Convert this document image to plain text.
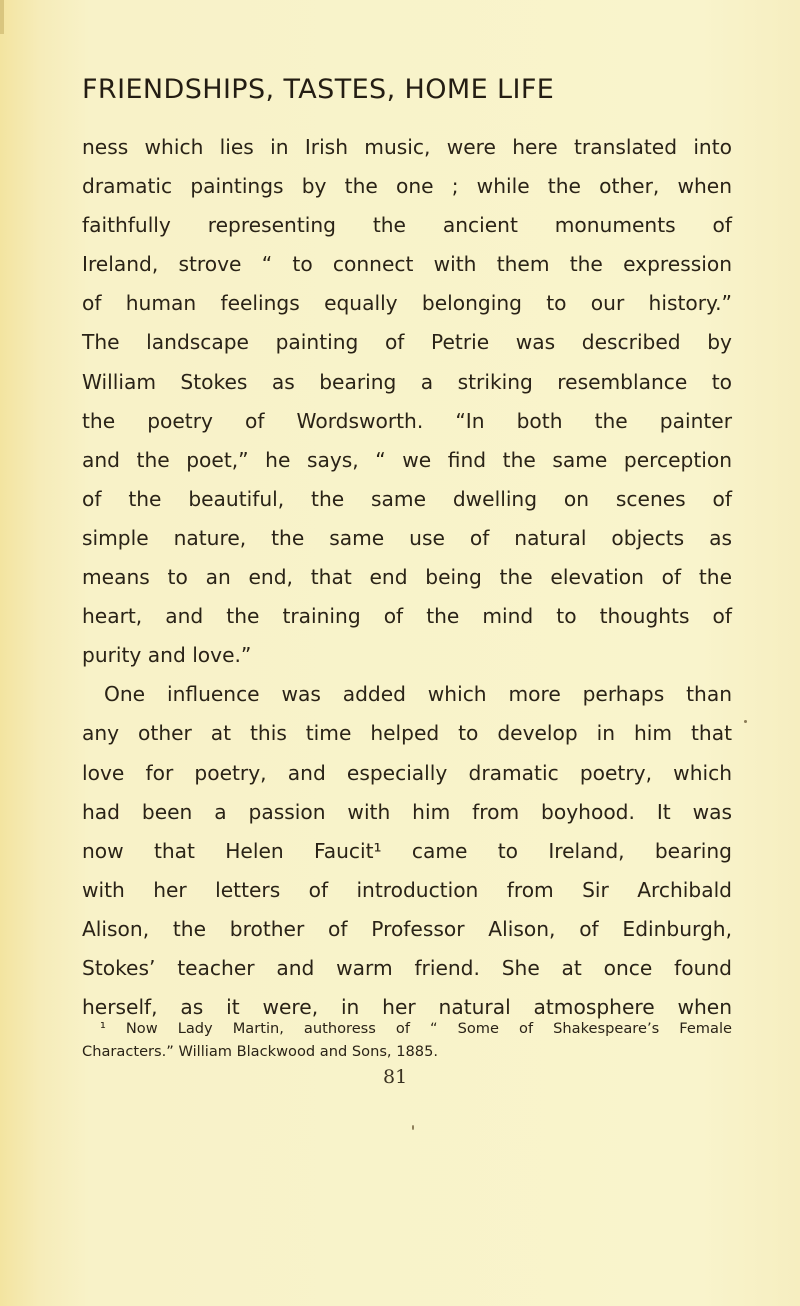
FRIENDSHIPS, TASTES, HOME LIFE
ness which lies in Irish music, were here translated into
dramatic paintings by the one ; while the other, when
faithfully representing the ancient monuments of
Ireland, strove “ to connect with them the expression
of human feelings equally belonging to our history.”
The landscape painting of Petrie was described by
William Stokes as bearing a striking resemblance to
the poetry of Wordsworth. “In both the painter
and the poet,” he says, “ we find the same perception
of the beautiful, the same dwelling on scenes of
simple nature, the same use of natural objects as
means to an end, that end being the elevation of the
heart, and the training of the mind to thoughts of
purity and love.”
One influence was added which more perhaps than
any other at this time helped to develop in him that
love for poetry, and especially dramatic poetry, which
had been a passion with him from boyhood. It was
now that Helen Faucit¹ came to Ireland, bearing
with her letters of introduction from Sir Archibald
Alison, the brother of Professor Alison, of Edinburgh,
Stokes’ teacher and warm friend. She at once found
herself, as it were, in her natural atmosphere when
¹ Now Lady Martin, authoress of “ Some of Shakespeare’s Female
Characters.” William Blackwood and Sons, 1885.
81
